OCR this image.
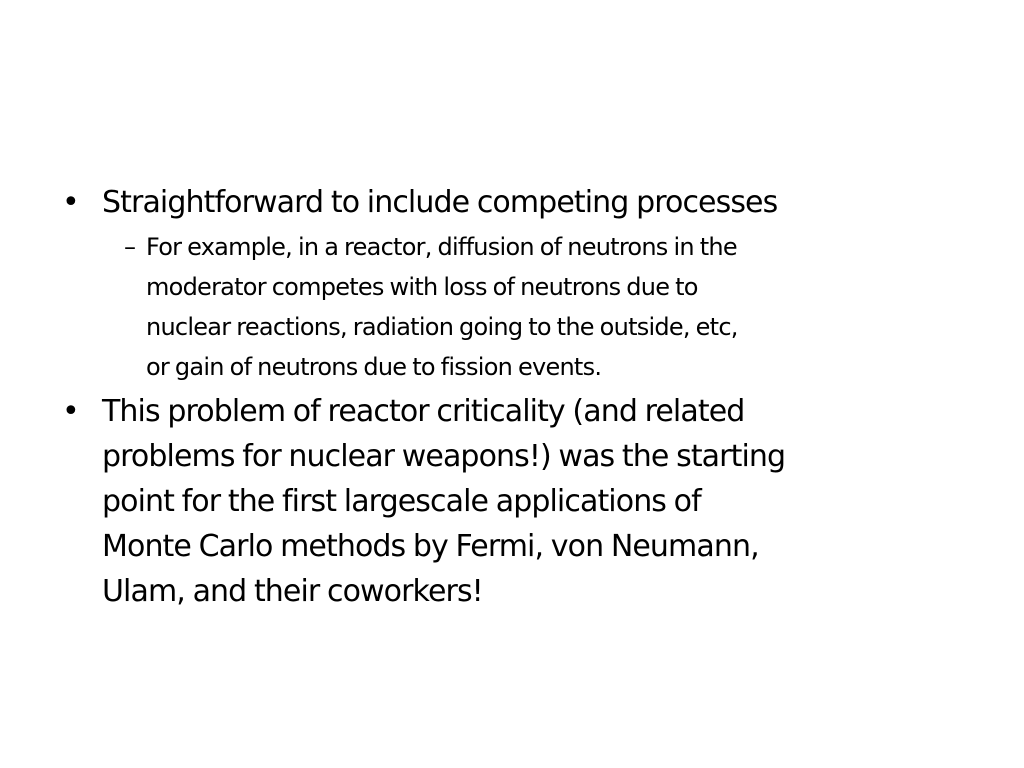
• Straightforward to include competing processes
– For example, in a reactor, diffusion of neutrons in the
moderator competes with loss of neutrons due to
nuclear reactions, radiation going to the outside, etc,
or gain of neutrons due to fission events.
• This problem of reactor criticality (and related
problems for nuclear weapons!) was the starting
point for the first largescale applications of
Monte Carlo methods by Fermi, von Neumann,
Ulam, and their coworkers!
